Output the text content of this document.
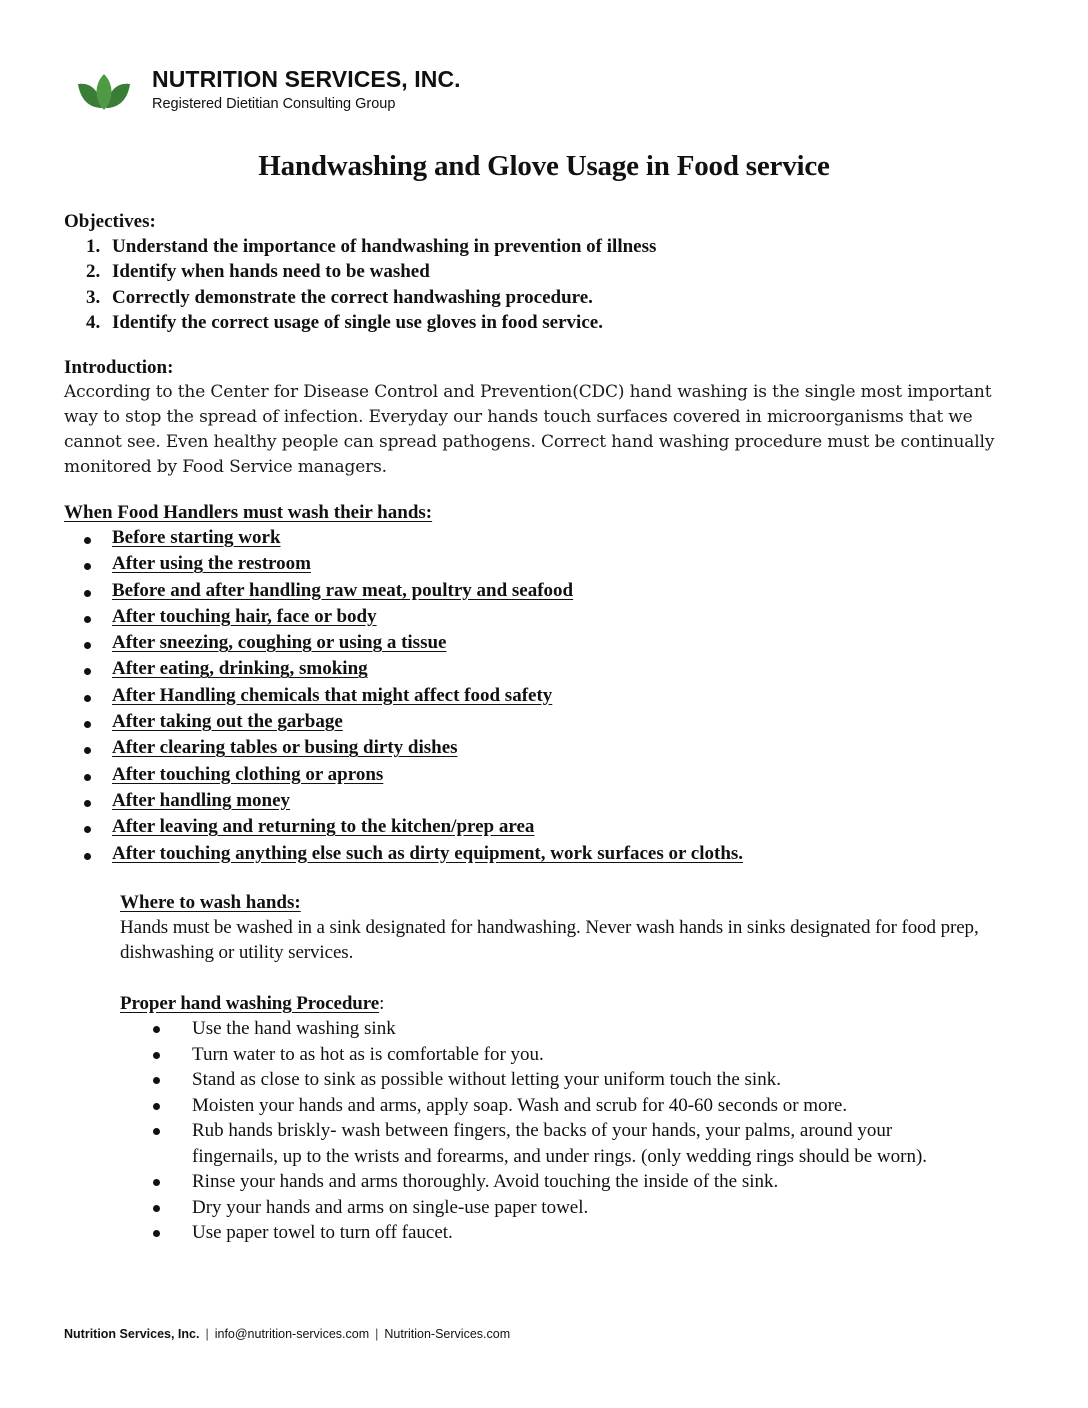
NUTRITION SERVICES, INC.
Registered Dietitian Consulting Group
Handwashing and Glove Usage in Food service
Objectives:
1. Understand the importance of handwashing in prevention of illness
2. Identify when hands need to be washed
3. Correctly demonstrate the correct handwashing procedure.
4. Identify the correct usage of single use gloves in food service.
Introduction:

According to the Center for Disease Control and Prevention(CDC) hand washing is the single most important way to stop the spread of infection. Everyday our hands touch surfaces covered in microorganisms that we cannot see. Even healthy people can spread pathogens. Correct hand washing procedure must be continually monitored by Food Service managers.

When Food Handlers must wash their hands:
Before starting work
After using the restroom
Before and after handling raw meat, poultry and seafood
After touching hair, face or body
After sneezing, coughing or using a tissue
After eating, drinking, smoking
After Handling chemicals that might affect food safety
After taking out the garbage
After clearing tables or busing dirty dishes
After touching clothing or aprons
After handling money
After leaving and returning to the kitchen/prep area
After touching anything else such as dirty equipment, work surfaces or cloths.
Where to wash hands:

Hands must be washed in a sink designated for handwashing. Never wash hands in sinks designated for food prep, dishwashing or utility services.

Proper hand washing Procedure:
Use the hand washing sink
Turn water to as hot as is comfortable for you.
Stand as close to sink as possible without letting your uniform touch the sink.
Moisten your hands and arms, apply soap. Wash and scrub for 40-60 seconds or more.
Rub hands briskly- wash between fingers, the backs of your hands, your palms, around your fingernails, up to the wrists and forearms, and under rings. (only wedding rings should be worn).
Rinse your hands and arms thoroughly. Avoid touching the inside of the sink.
Dry your hands and arms on single-use paper towel.
Use paper towel to turn off faucet.
Nutrition Services, Inc. | info@nutrition-services.com | Nutrition-Services.com
